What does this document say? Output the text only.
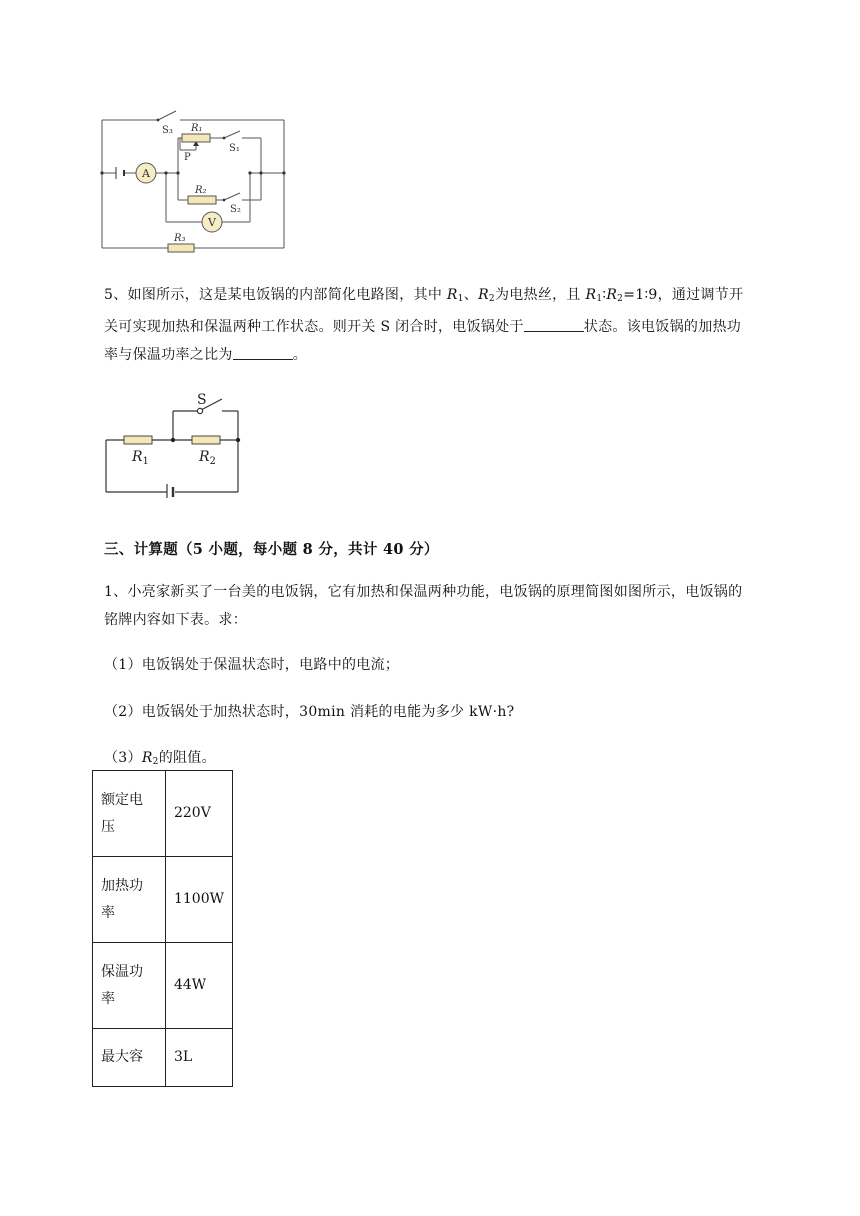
S₃ R₁
S₁
P
A
R₂
S₂
V
R₃
5、如图所示，这是某电饭锅的内部简化电路图，其中 $R_1$、$R_2$为电热丝，且 $R_1∶R_2=1∶9$，通过调节开
关可实现加热和保温两种工作状态。则开关 S 闭合时，电饭锅处于	状态。该电饭锅的加热功
率与保温功率之比为	。
S
$R_1$	$R_2$
三、计算题（5 小题，每小题 8 分，共计 40 分）
1、小亮家新买了一台美的电饭锅，它有加热和保温两种功能，电饭锅的原理简图如图所示，电饭锅的
铭牌内容如下表。求：
（1）电饭锅处于保温状态时，电路中的电流；
（2）电饭锅处于加热状态时，30min 消耗的电能为多少 kW·h?
$(3)R_2$的阻值。
额定电
压	220V
加热功
率	1100W
保温功
率	44W
最大容	3L
